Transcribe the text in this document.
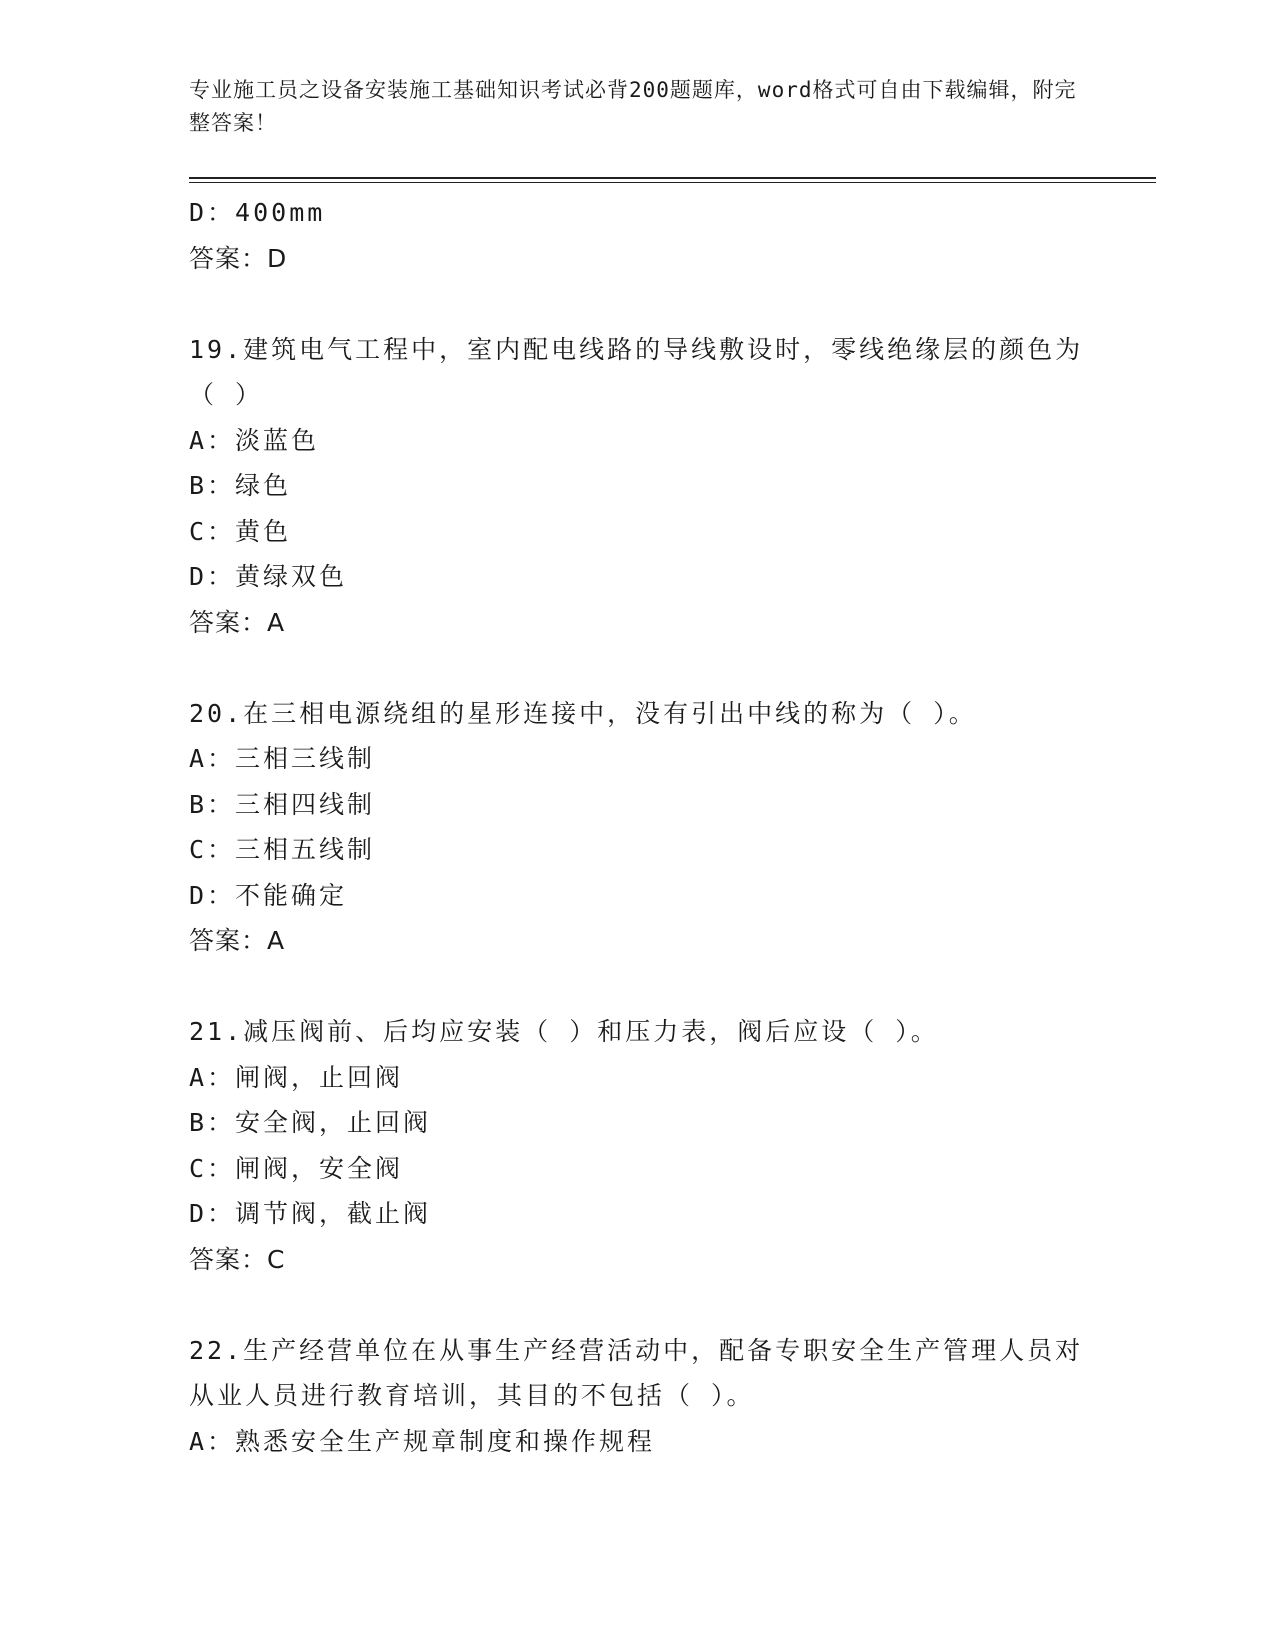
专业施工员之设备安装施工基础知识考试必背200题题库，word格式可自由下载编辑，附完整答案！
D：400mm
答案：D
19.建筑电气工程中，室内配电线路的导线敷设时，零线绝缘层的颜色为（ ）
A：淡蓝色
B：绿色
C：黄色
D：黄绿双色
答案：A
20.在三相电源绕组的星形连接中，没有引出中线的称为（ ）。
A：三相三线制
B：三相四线制
C：三相五线制
D：不能确定
答案：A
21.减压阀前、后均应安装（ ）和压力表，阀后应设（ ）。
A：闸阀，止回阀
B：安全阀，止回阀
C：闸阀，安全阀
D：调节阀，截止阀
答案：C
22.生产经营单位在从事生产经营活动中，配备专职安全生产管理人员对从业人员进行教育培训，其目的不包括（ ）。
A：熟悉安全生产规章制度和操作规程
